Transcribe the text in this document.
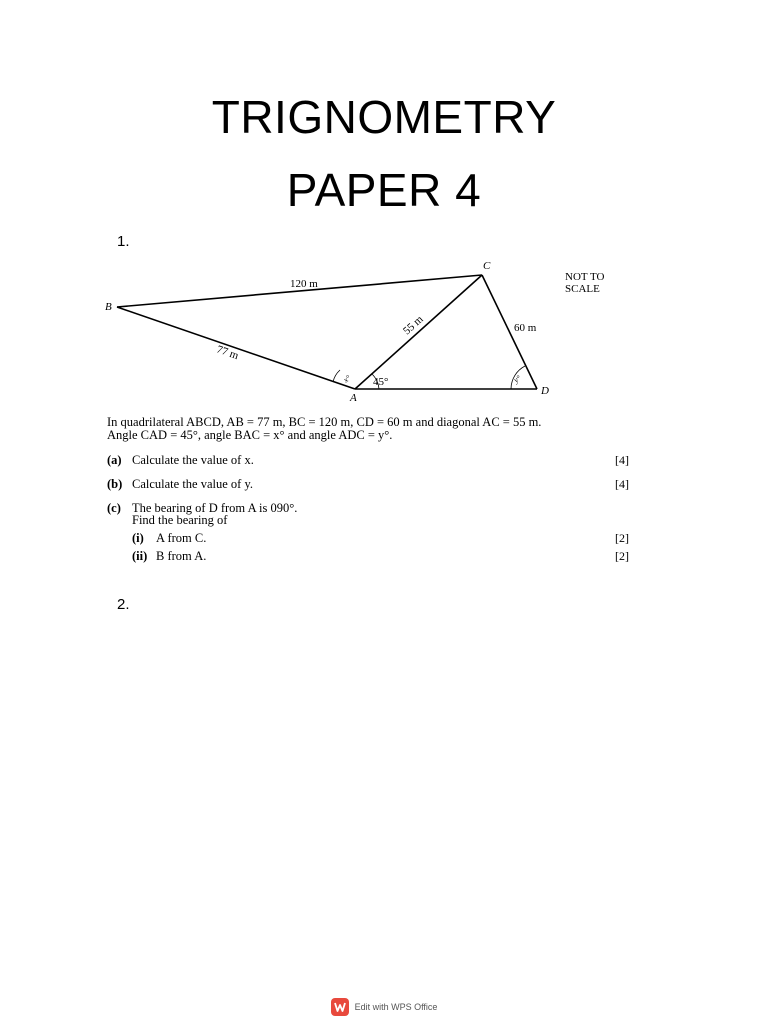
TRIGNOMETRY
PAPER 4
1.
B
C
A
D
120 m
77 m
55 m	60 m
x° 45°	y°
NOT TO
SCALE
In quadrilateral ABCD, AB = 77 m, BC = 120 m, CD = 60 m and diagonal AC = 55 m.
Angle CAD = 45°, angle BAC = x° and angle ADC = y°.
(a) Calculate the value of x.	[4]
(b) Calculate the value of y.	[4]
(c) The bearing of D from A is 090°.
Find the bearing of
(i) A from C.	[2]
(ii) B from A.	[2]
2.
Edit with WPS Office
